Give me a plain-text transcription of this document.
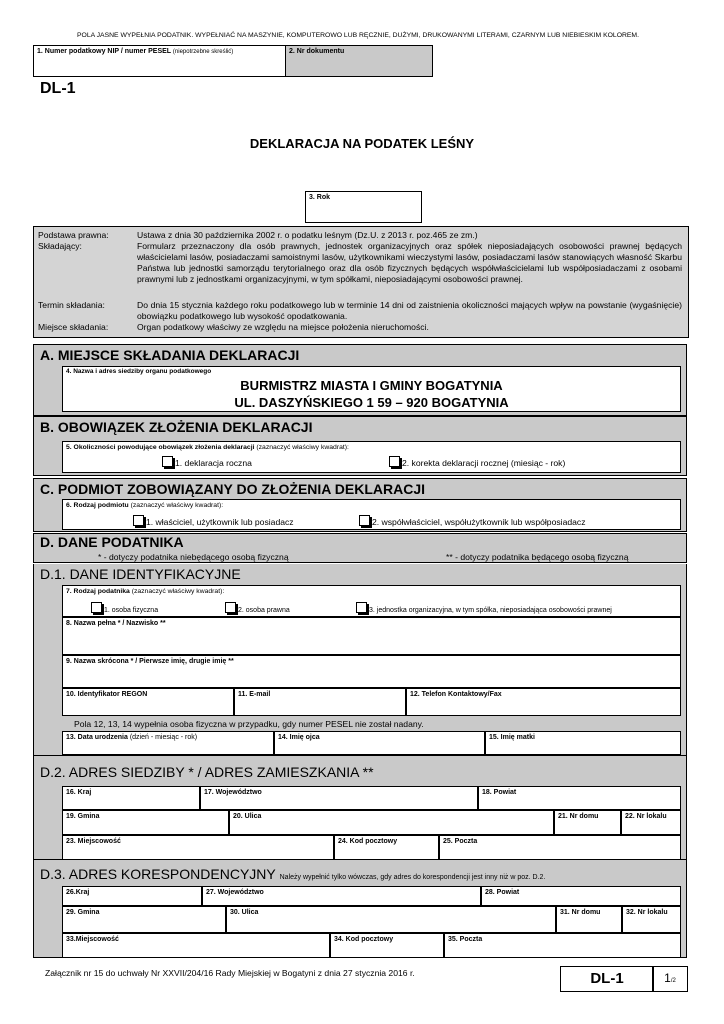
POLA JASNE WYPEŁNIA PODATNIK. WYPEŁNIAĆ NA MASZYNIE, KOMPUTEROWO LUB RĘCZNIE, DUŻYMI, DRUKOWANYMI LITERAMI, CZARNYM LUB NIEBIESKIM KOLOREM.
1. Numer podatkowy NIP / numer PESEL (niepotrzebne skreślić)	2. Nr dokumentu
DL-1
DEKLARACJA NA PODATEK LEŚNY
3. Rok
Podstawa prawna:	Ustawa z dnia 30 października 2002 r. o podatku leśnym (Dz.U. z 2013 r. poz.465 ze zm.)
Składający:	Formularz przeznaczony dla osób prawnych, jednostek organizacyjnych oraz spółek nieposiadających osobowości prawnej będących właścicielami lasów, posiadaczami samoistnymi lasów, użytkownikami wieczystymi lasów, posiadaczami lasów stanowiących własność Skarbu Państwa lub jednostki samorządu terytorialnego oraz dla osób fizycznych będących współwłaścicielami lub współposiadaczami z osobami prawnymi lub z jednostkami organizacyjnymi, w tym spółkami, nieposiadającymi osobowości prawnej.
Termin składania:	Do dnia 15 stycznia każdego roku podatkowego lub w terminie 14 dni od zaistnienia okoliczności mających wpływ na powstanie (wygaśnięcie) obowiązku podatkowego lub wysokość opodatkowania.
Miejsce składania:	Organ podatkowy właściwy ze względu na miejsce położenia nieruchomości.
A. MIEJSCE SKŁADANIA DEKLARACJI
4. Nazwa i adres siedziby organu podatkowego
BURMISTRZ MIASTA I GMINY BOGATYNIA
UL. DASZYŃSKIEGO 1 59 – 920 BOGATYNIA
B. OBOWIĄZEK ZŁOŻENIA DEKLARACJI
5. Okoliczności powodujące obowiązek złożenia deklaracji (zaznaczyć właściwy kwadrat):
1. deklaracja roczna	2. korekta deklaracji rocznej (miesiąc - rok)
C. PODMIOT ZOBOWIĄZANY DO ZŁOŻENIA DEKLARACJI
6. Rodzaj podmiotu (zaznaczyć właściwy kwadrat):
1. właściciel, użytkownik lub posiadacz	2. współwłaściciel, współużytkownik lub współposiadacz
D. DANE PODATNIKA
* - dotyczy podatnika niebędącego osobą fizyczną	** - dotyczy podatnika będącego osobą fizyczną
D.1. DANE IDENTYFIKACYJNE
7. Rodzaj podatnika (zaznaczyć właściwy kwadrat):
1. osoba fizyczna	2. osoba prawna	3. jednostka organizacyjna, w tym spółka, nieposiadająca osobowości prawnej
8. Nazwa pełna * / Nazwisko **
9. Nazwa skrócona * / Pierwsze imię, drugie imię **
10. Identyfikator REGON	11. E-mail	12. Telefon Kontaktowy/Fax
Pola 12, 13, 14 wypełnia osoba fizyczna w przypadku, gdy numer PESEL nie został nadany.
13. Data urodzenia (dzień - miesiąc - rok)	14. Imię ojca	15. Imię matki
D.2. ADRES SIEDZIBY * / ADRES ZAMIESZKANIA **
16. Kraj	17. Województwo	18. Powiat
19. Gmina	20. Ulica	21. Nr domu	22. Nr lokalu
23. Miejscowość	24. Kod pocztowy	25. Poczta
D.3. ADRES KORESPONDENCYJNY Należy wypełnić tylko wówczas, gdy adres do korespondencji jest inny niż w poz. D.2.
26.Kraj	27. Województwo	28. Powiat
29. Gmina	30. Ulica	31. Nr domu	32. Nr lokalu
33.Miejscowość	34. Kod pocztowy	35. Poczta
Załącznik nr 15 do uchwały Nr XXVII/204/16 Rady Miejskiej w Bogatyni z dnia 27 stycznia 2016 r.	DL-1	1/2
